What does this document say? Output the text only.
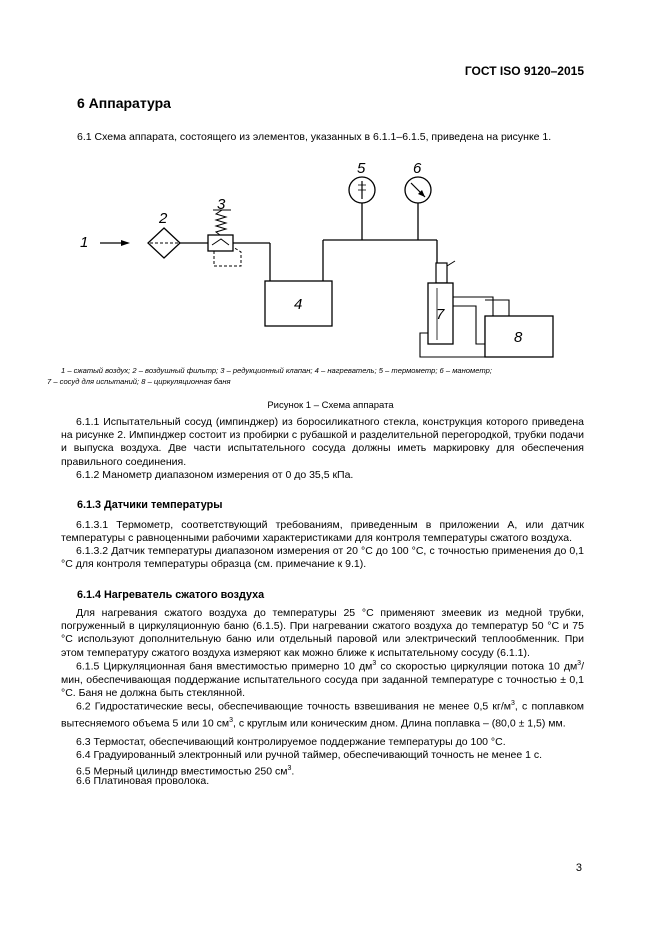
ГОСТ ISO 9120–2015
6 Аппаратура
6.1 Схема аппарата, состоящего из элементов, указанных в 6.1.1–6.1.5, приведена на рисунке 1.
1
2
3
4
5	6
7
8
1 – сжатый воздух; 2 – воздушный фильтр; 3 – редукционный клапан; 4 – нагреватель; 5 – термометр; 6 – манометр;
7 – сосуд для испытаний; 8 – циркуляционная баня
Рисунок 1 – Схема аппарата
6.1.1 Испытательный сосуд (импинджер) из боросиликатного стекла, конструкция которого приведена на рисунке 2. Импинджер состоит из пробирки с рубашкой и разделительной перегородкой, трубки подачи и выпуска воздуха. Две части испытательного сосуда должны иметь маркировку для обеспечения правильного соединения.
6.1.2 Манометр диапазоном измерения от 0 до 35,5 кПа.
6.1.3 Датчики температуры
6.1.3.1 Термометр, соответствующий требованиям, приведенным в приложении А, или датчик температуры с равноценными рабочими характеристиками для контроля температуры сжатого воздуха.
6.1.3.2 Датчик температуры диапазоном измерения от 20 °С до 100 °С, с точностью применения до 0,1 °С для контроля температуры образца (см. примечание к 9.1).
6.1.4 Нагреватель сжатого воздуха
Для нагревания сжатого воздуха до температуры 25 °С применяют змеевик из медной трубки, погруженный в циркуляционную баню (6.1.5). При нагревании сжатого воздуха до температур 50 °С и 75 °С используют дополнительную баню или отдельный паровой или электрический теплообменник. При этом температуру сжатого воздуха измеряют как можно ближе к испытательному сосуду (6.1.1).
6.1.5 Циркуляционная баня вместимостью примерно 10 $дм^3$ со скоростью циркуляции потока 10 $дм^3$/мин, обеспечивающая поддержание испытательного сосуда при заданной температуре с точностью ± 0,1 °С. Баня не должна быть стеклянной.
6.2 Гидростатические весы, обеспечивающие точность взвешивания не менее 0,5 $кг/м^3$, с поплавком вытесняемого объема 5 или 10 $см^3$, с круглым или коническим дном. Длина поплавка – (80,0 ± 1,5) мм.
6.3 Термостат, обеспечивающий контролируемое поддержание температуры до 100 °С.
6.4 Градуированный электронный или ручной таймер, обеспечивающий точность не менее 1 с.
6.5 Мерный цилиндр вместимостью 250 $см^3$.
6.6 Платиновая проволока.
3
